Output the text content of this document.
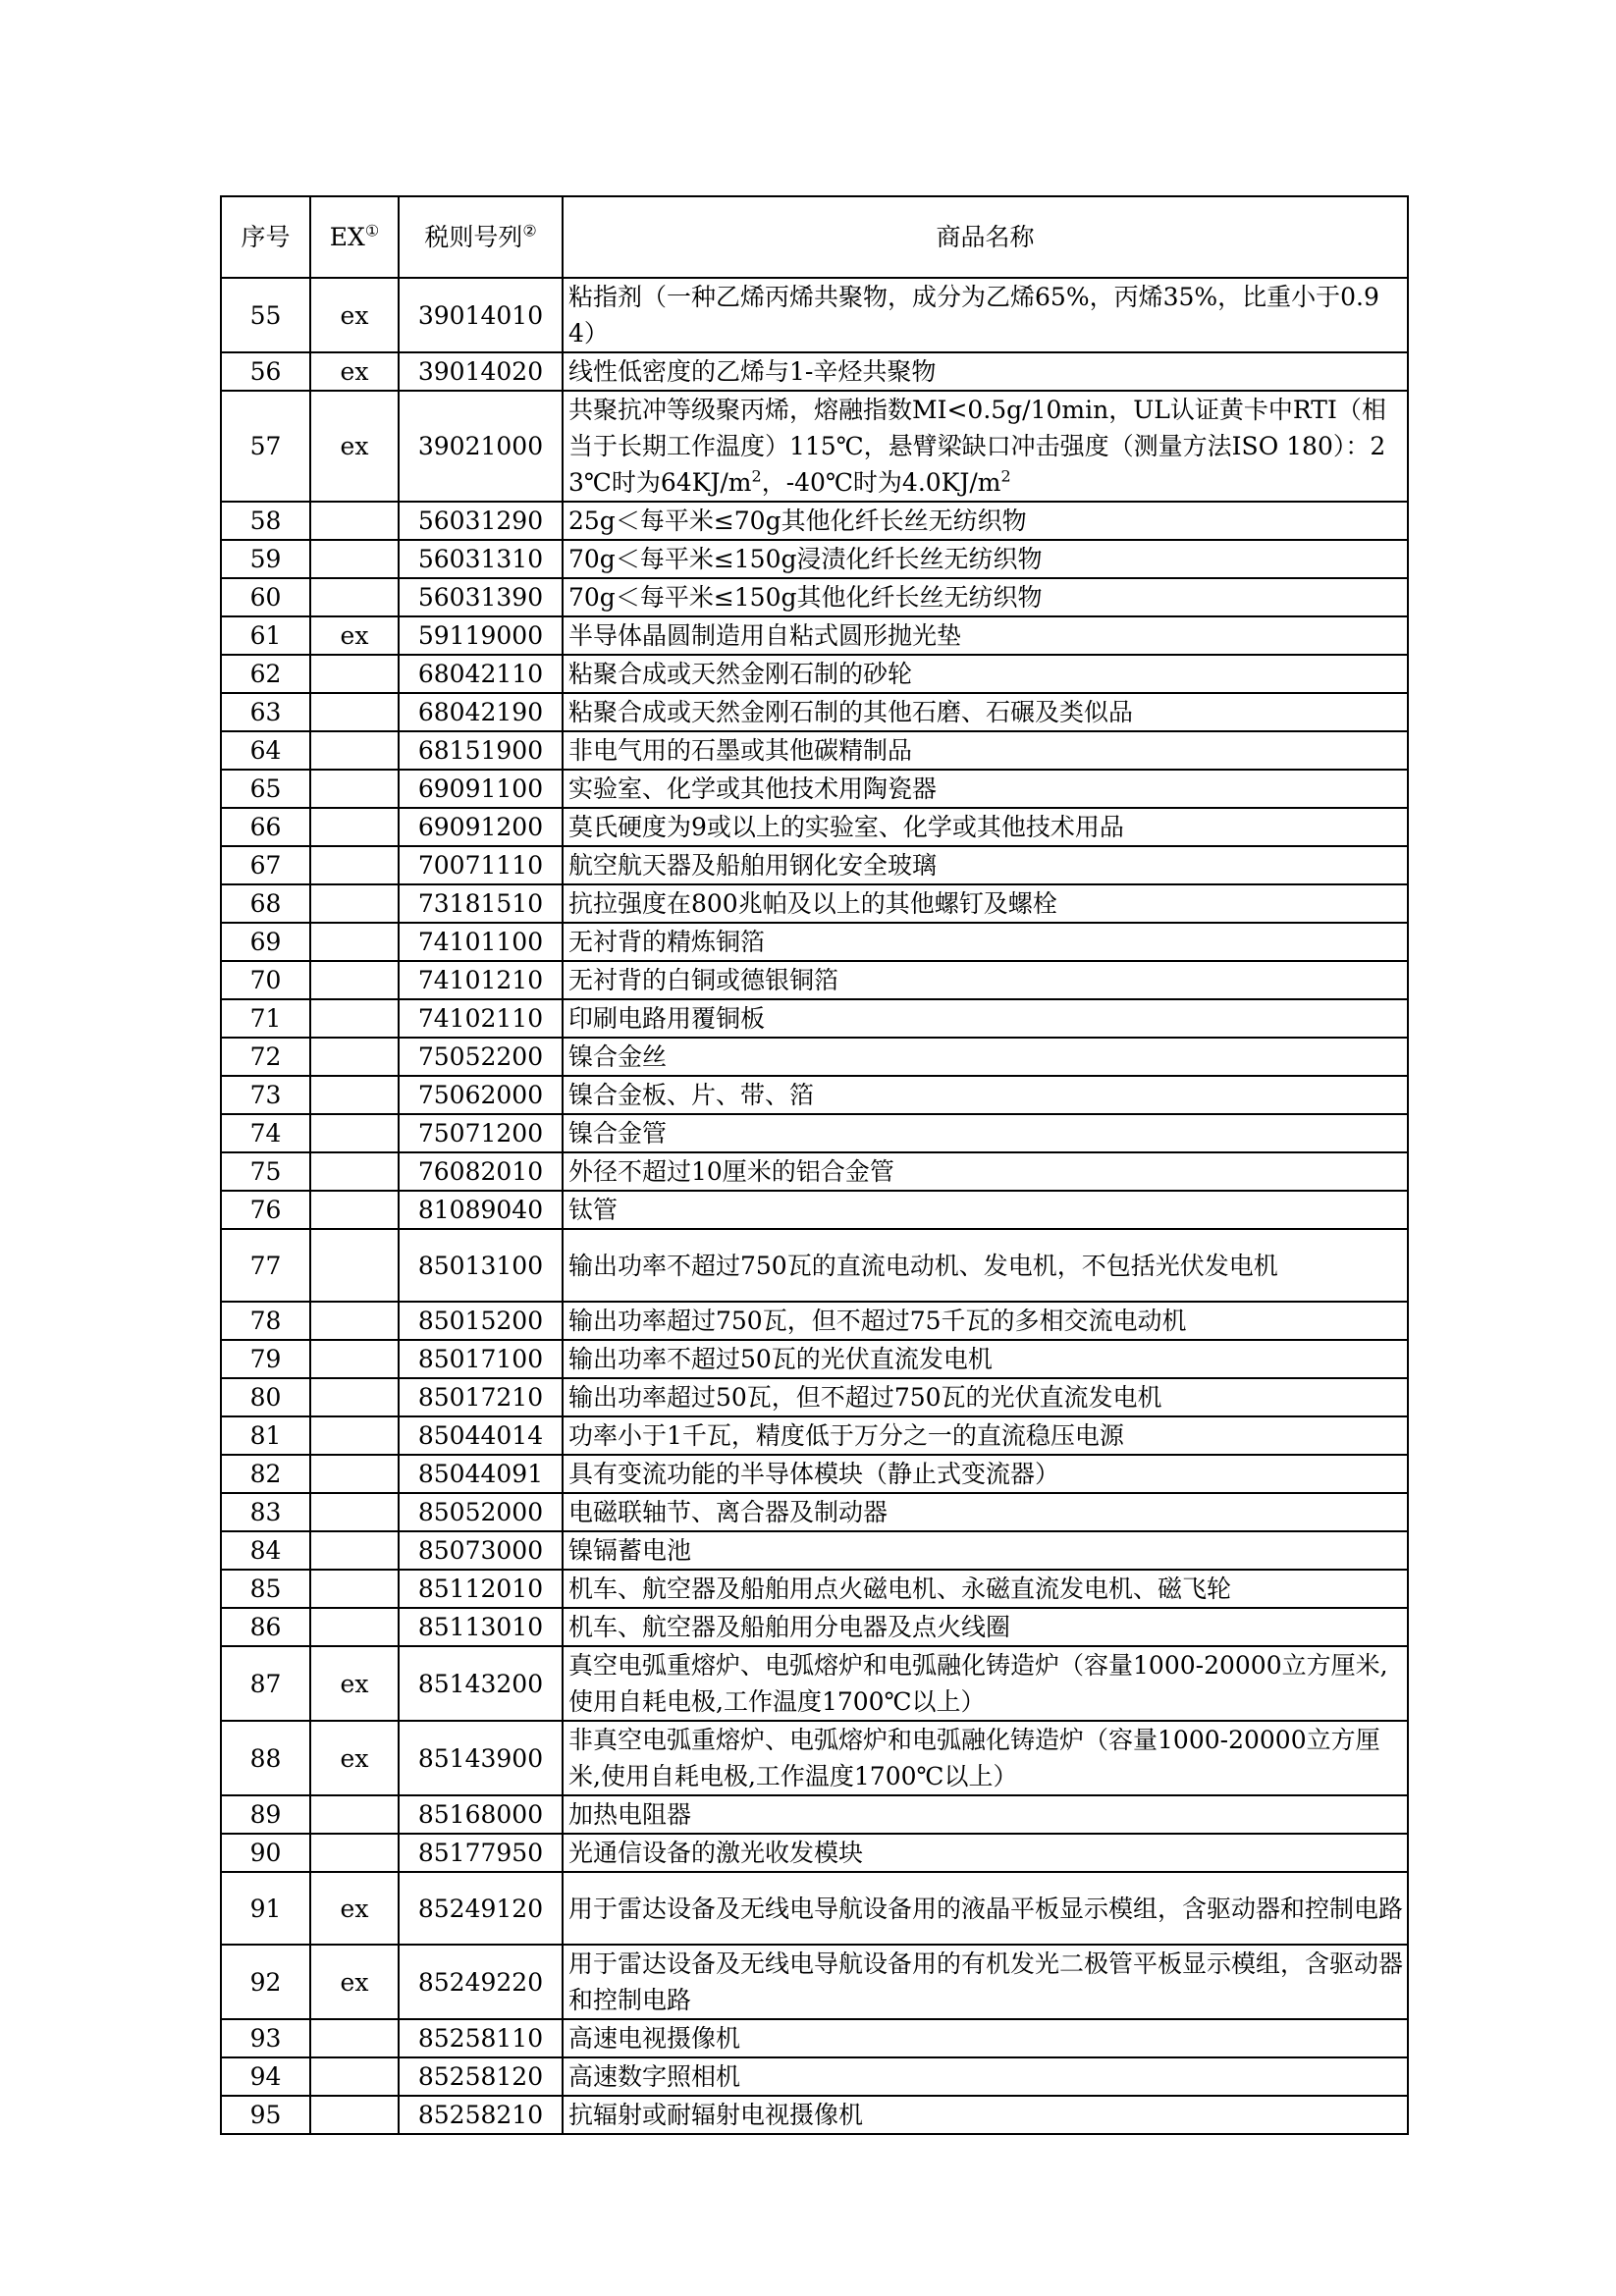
序号	EX①	税则号列②	商品名称
55	ex	39014010	粘指剂（一种乙烯丙烯共聚物，成分为乙烯65%，丙烯35%，比重小于0.94）
56	ex	39014020	线性低密度的乙烯与1-辛烃共聚物
57	ex	39021000	共聚抗冲等级聚丙烯，熔融指数MI<0.5g/10min，UL认证黄卡中RTI（相当于长期工作温度）115℃，悬臂梁缺口冲击强度（测量方法ISO 180）：23℃时为$64KJ/m^2$，-40℃时为$4.0KJ/m^2$
58		56031290	25g＜每平米≤70g其他化纤长丝无纺织物
59		56031310	70g＜每平米≤150g浸渍化纤长丝无纺织物
60		56031390	70g＜每平米≤150g其他化纤长丝无纺织物
61	ex	59119000	半导体晶圆制造用自粘式圆形抛光垫
62		68042110	粘聚合成或天然金刚石制的砂轮
63		68042190	粘聚合成或天然金刚石制的其他石磨、石碾及类似品
64		68151900	非电气用的石墨或其他碳精制品
65		69091100	实验室、化学或其他技术用陶瓷器
66		69091200	莫氏硬度为9或以上的实验室、化学或其他技术用品
67		70071110	航空航天器及船舶用钢化安全玻璃
68		73181510	抗拉强度在800兆帕及以上的其他螺钉及螺栓
69		74101100	无衬背的精炼铜箔
70		74101210	无衬背的白铜或德银铜箔
71		74102110	印刷电路用覆铜板
72		75052200	镍合金丝
73		75062000	镍合金板、片、带、箔
74		75071200	镍合金管
75		76082010	外径不超过10厘米的铝合金管
76		81089040	钛管
77		85013100	输出功率不超过750瓦的直流电动机、发电机，不包括光伏发电机
78		85015200	输出功率超过750瓦，但不超过75千瓦的多相交流电动机
79		85017100	输出功率不超过50瓦的光伏直流发电机
80		85017210	输出功率超过50瓦，但不超过750瓦的光伏直流发电机
81		85044014	功率小于1千瓦，精度低于万分之一的直流稳压电源
82		85044091	具有变流功能的半导体模块（静止式变流器）
83		85052000	电磁联轴节、离合器及制动器
84		85073000	镍镉蓄电池
85		85112010	机车、航空器及船舶用点火磁电机、永磁直流发电机、磁飞轮
86		85113010	机车、航空器及船舶用分电器及点火线圈
87	ex	85143200	真空电弧重熔炉、电弧熔炉和电弧融化铸造炉（容量1000-20000立方厘米,使用自耗电极,工作温度1700℃以上）
88	ex	85143900	非真空电弧重熔炉、电弧熔炉和电弧融化铸造炉（容量1000-20000立方厘米,使用自耗电极,工作温度1700℃以上）
89		85168000	加热电阻器
90		85177950	光通信设备的激光收发模块
91	ex	85249120	用于雷达设备及无线电导航设备用的液晶平板显示模组，含驱动器和控制电路
92	ex	85249220	用于雷达设备及无线电导航设备用的有机发光二极管平板显示模组，含驱动器和控制电路
93		85258110	高速电视摄像机
94		85258120	高速数字照相机
95		85258210	抗辐射或耐辐射电视摄像机
